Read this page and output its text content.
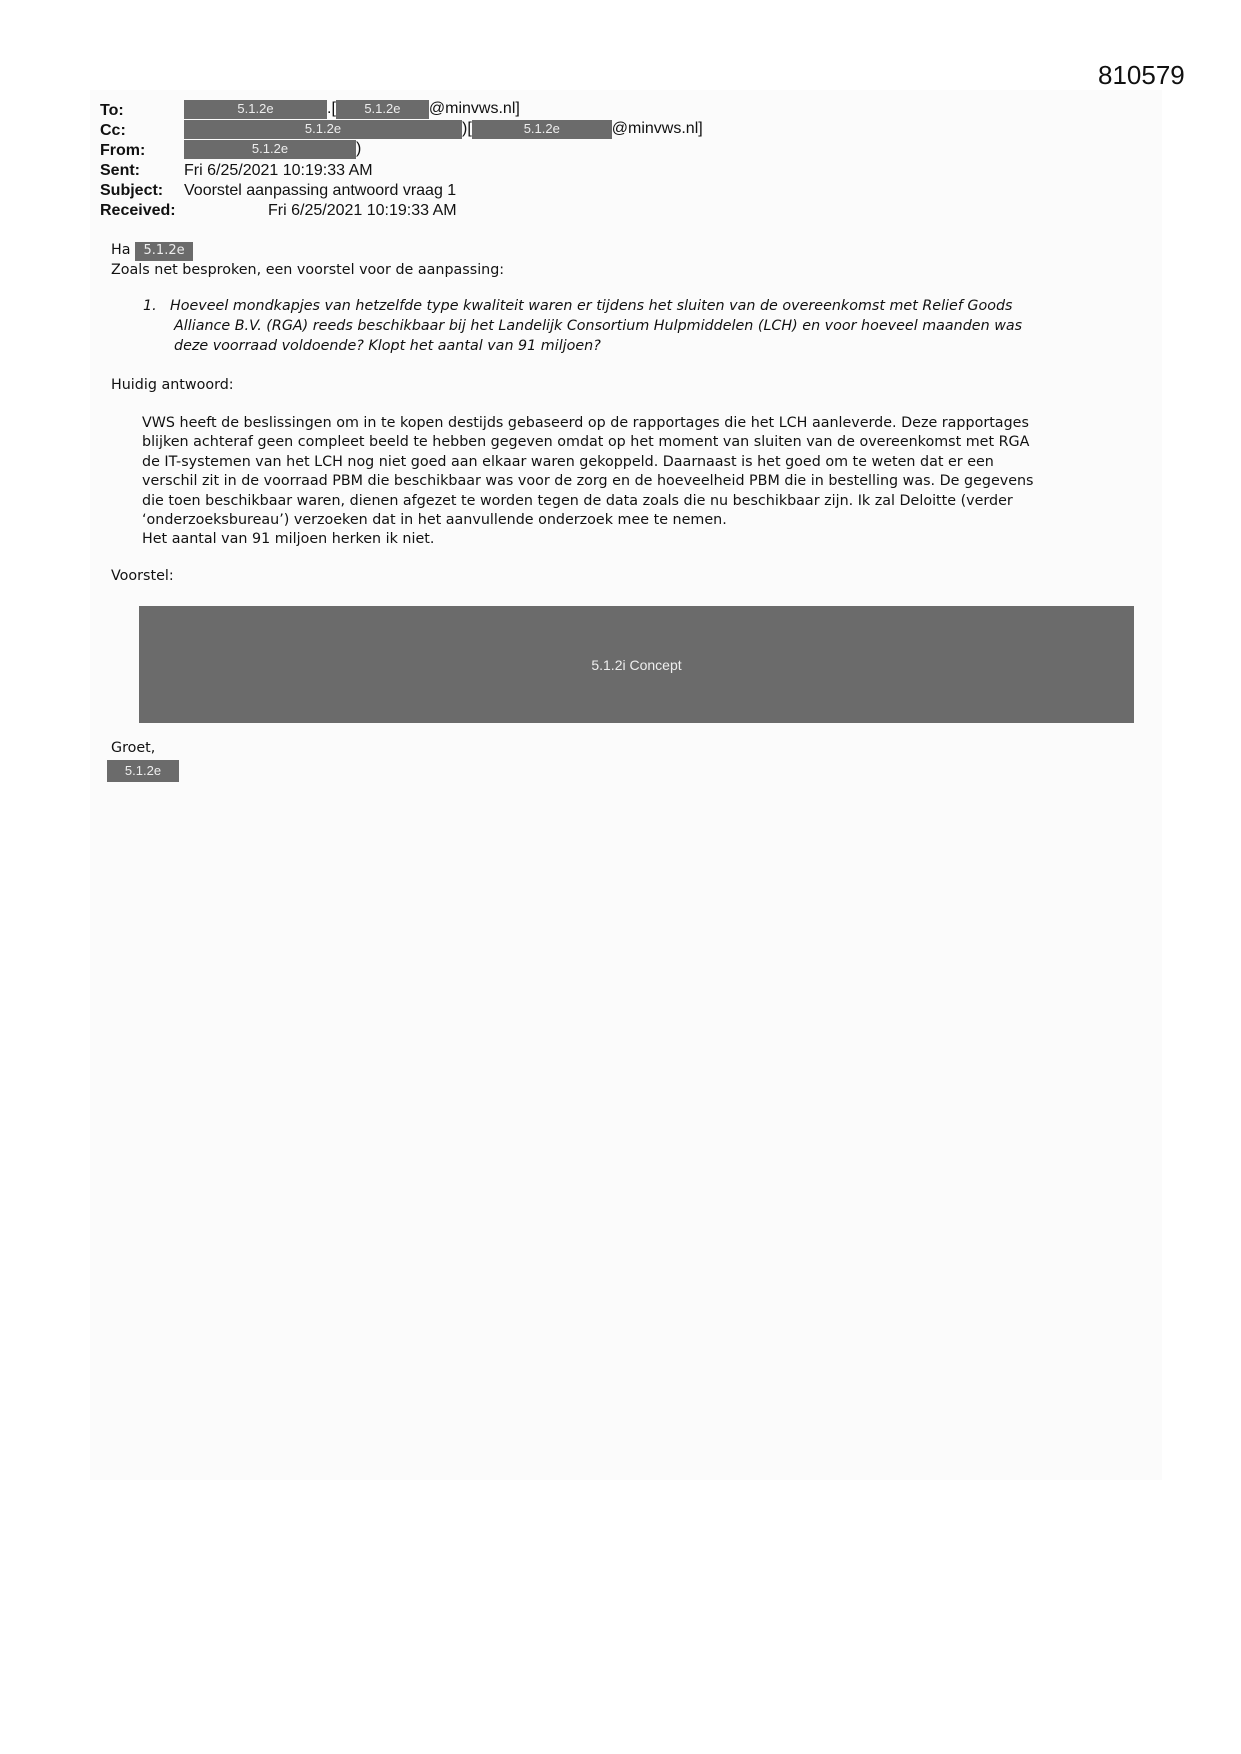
810579
To:	5.1.2e	.[ 5.1.2e @minvws.nl]
Cc:	5.1.2e	)[	5.1.2e	@minvws.nl]
From:	5.1.2e	)
Sent:	Fri 6/25/2021 10:19:33 AM
Subject: Voorstel aanpassing antwoord vraag 1
Received:	Fri 6/25/2021 10:19:33 AM
Ha 5.1.2e
Zoals net besproken, een voorstel voor de aanpassing:
1. Hoeveel mondkapjes van hetzelfde type kwaliteit waren er tijdens het sluiten van de overeenkomst met Relief Goods
Alliance B.V. (RGA) reeds beschikbaar bij het Landelijk Consortium Hulpmiddelen (LCH) en voor hoeveel maanden was
deze voorraad voldoende? Klopt het aantal van 91 miljoen?
Huidig antwoord:
VWS heeft de beslissingen om in te kopen destijds gebaseerd op de rapportages die het LCH aanleverde. Deze rapportages
blijken achteraf geen compleet beeld te hebben gegeven omdat op het moment van sluiten van de overeenkomst met RGA
de IT-systemen van het LCH nog niet goed aan elkaar waren gekoppeld. Daarnaast is het goed om te weten dat er een
verschil zit in de voorraad PBM die beschikbaar was voor de zorg en de hoeveelheid PBM die in bestelling was. De gegevens
die toen beschikbaar waren, dienen afgezet te worden tegen de data zoals die nu beschikbaar zijn. Ik zal Deloitte (verder
‘onderzoeksbureau’) verzoeken dat in het aanvullende onderzoek mee te nemen.
Het aantal van 91 miljoen herken ik niet.
Voorstel:
5.1.2i Concept
Groet,
5.1.2e
